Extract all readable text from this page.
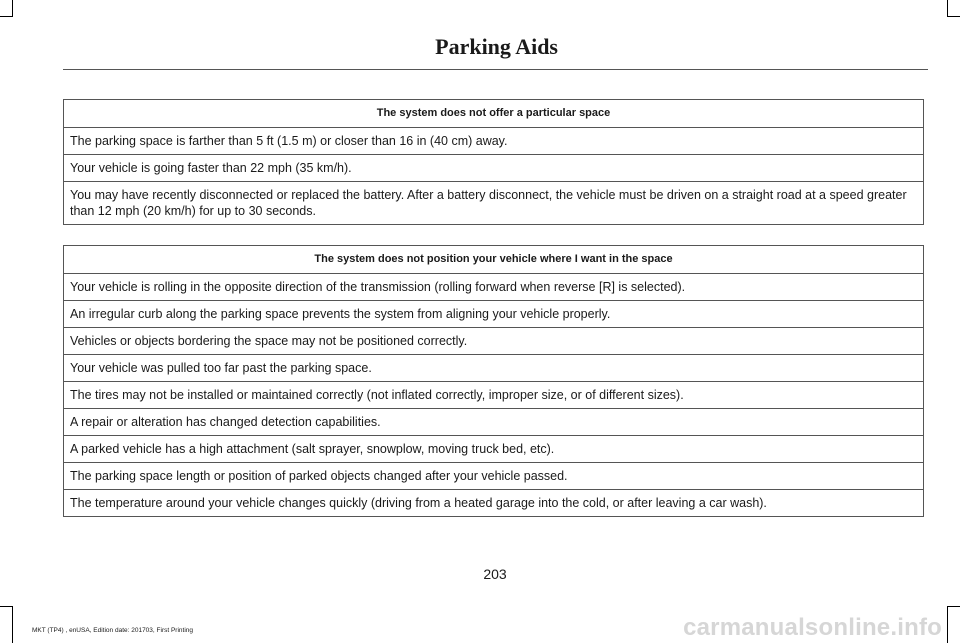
Parking Aids
The system does not offer a particular space
The parking space is farther than 5 ft (1.5 m) or closer than 16 in (40 cm) away.
Your vehicle is going faster than 22 mph (35 km/h).
You may have recently disconnected or replaced the battery. After a battery disconnect, the vehicle must be driven on a straight road at a speed greater than 12 mph (20 km/h) for up to 30 seconds.
The system does not position your vehicle where I want in the space
Your vehicle is rolling in the opposite direction of the transmission (rolling forward when reverse [R] is selected).
An irregular curb along the parking space prevents the system from aligning your vehicle properly.
Vehicles or objects bordering the space may not be positioned correctly.
Your vehicle was pulled too far past the parking space.
The tires may not be installed or maintained correctly (not inflated correctly, improper size, or of different sizes).
A repair or alteration has changed detection capabilities.
A parked vehicle has a high attachment (salt sprayer, snowplow, moving truck bed, etc).
The parking space length or position of parked objects changed after your vehicle passed.
The temperature around your vehicle changes quickly (driving from a heated garage into the cold, or after leaving a car wash).
203
MKT (TP4) , enUSA, Edition date: 201703, First Printing	carmanualsonline.info
